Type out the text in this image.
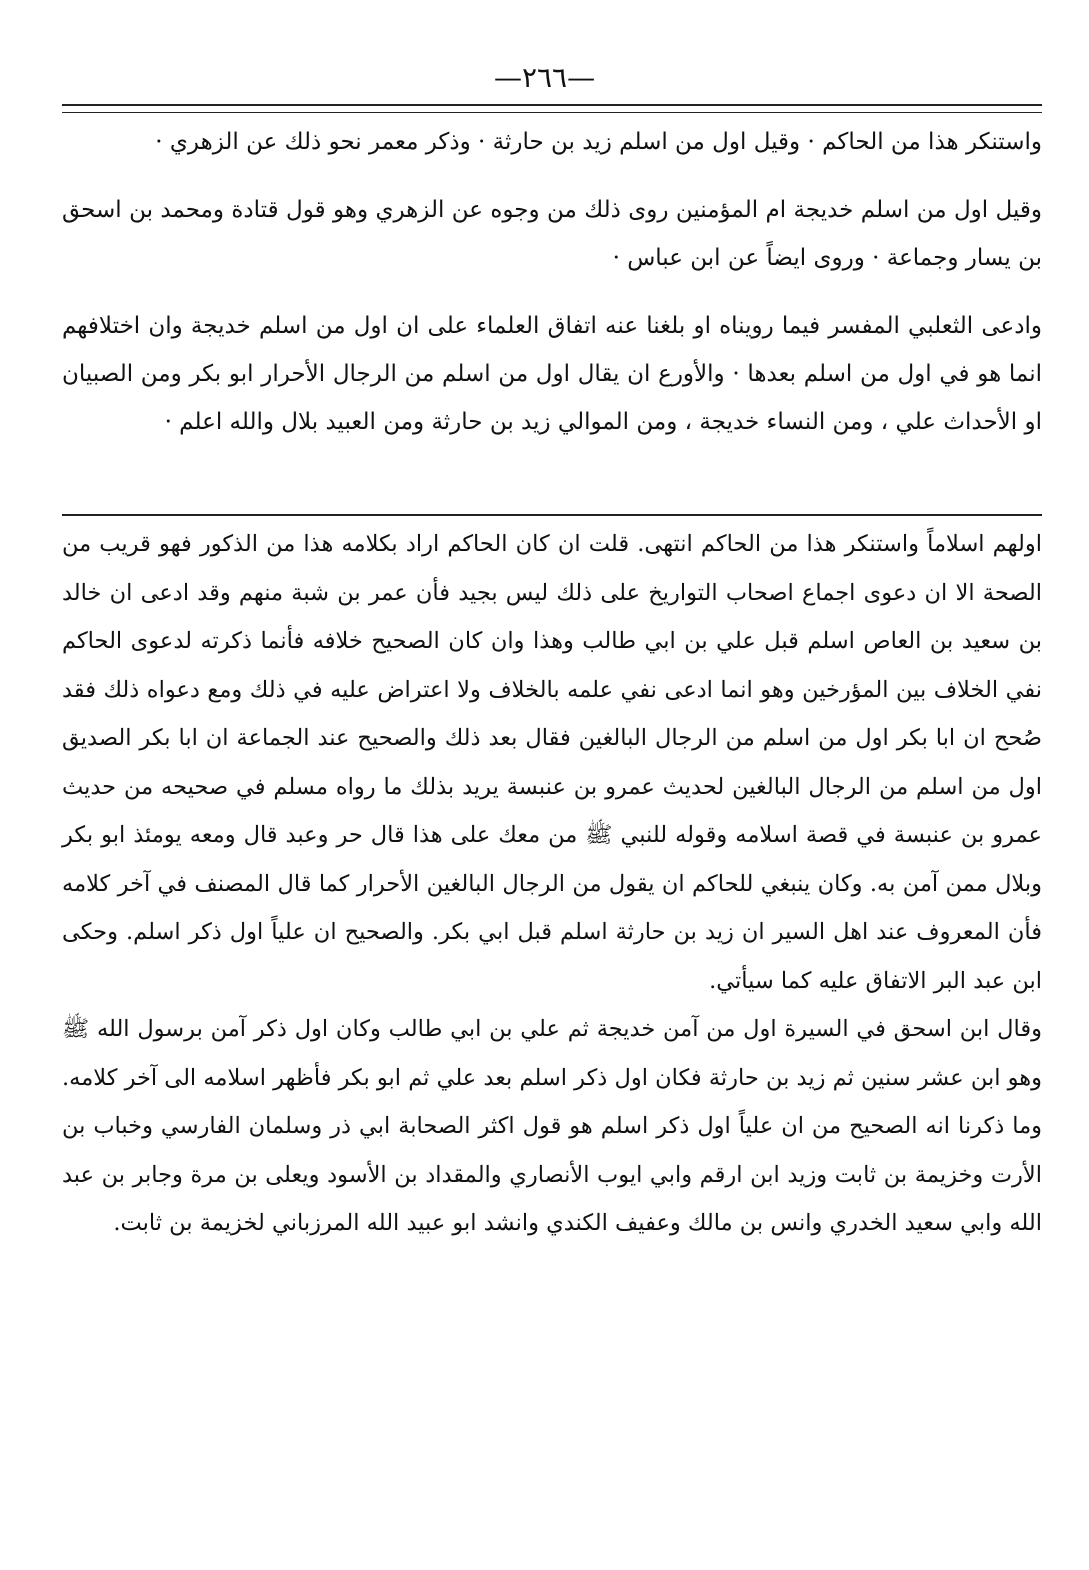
—٢٦٦—

واستنكر هذا من الحاكم · وقيل اول من اسلم زيد بن حارثة · وذكر معمر نحو ذلك عن الزهري ·

وقيل اول من اسلم خديجة ام المؤمنين روى ذلك من وجوه عن الزهري وهو قول قتادة ومحمد بن اسحق بن يسار وجماعة · وروى ايضاً عن ابن عباس ·

وادعى الثعلبي المفسر فيما رويناه او بلغنا عنه اتفاق العلماء على ان اول من اسلم خديجة وان اختلافهم انما هو في اول من اسلم بعدها · والأورع ان يقال اول من اسلم من الرجال الأحرار ابو بكر ومن الصبيان او الأحداث علي ، ومن النساء خديجة ، ومن الموالي زيد بن حارثة ومن العبيد بلال والله اعلم ·

اولهم اسلاماً واستنكر هذا من الحاكم انتهى. قلت ان كان الحاكم اراد بكلامه هذا من الذكور فهو قريب من الصحة الا ان دعوى اجماع اصحاب التواريخ على ذلك ليس بجيد فأن عمر بن شبة منهم وقد ادعى ان خالد بن سعيد بن العاص اسلم قبل علي بن ابي طالب وهذا وان كان الصحيح خلافه فأنما ذكرته لدعوى الحاكم نفي الخلاف بين المؤرخين وهو انما ادعى نفي علمه بالخلاف ولا اعتراض عليه في ذلك ومع دعواه ذلك فقد صُحح ان ابا بكر اول من اسلم من الرجال البالغين فقال بعد ذلك والصحيح عند الجماعة ان ابا بكر الصديق اول من اسلم من الرجال البالغين لحديث عمرو بن عنبسة يريد بذلك ما رواه مسلم في صحيحه من حديث عمرو بن عنبسة في قصة اسلامه وقوله للنبي ﷺ من معك على هذا قال حر وعبد قال ومعه يومئذ ابو بكر وبلال ممن آمن به. وكان ينبغي للحاكم ان يقول من الرجال البالغين الأحرار كما قال المصنف في آخر كلامه فأن المعروف عند اهل السير ان زيد بن حارثة اسلم قبل ابي بكر. والصحيح ان علياً اول ذكر اسلم. وحكى ابن عبد البر الاتفاق عليه كما سيأتي.

وقال ابن اسحق في السيرة اول من آمن خديجة ثم علي بن ابي طالب وكان اول ذكر آمن برسول الله ﷺ وهو ابن عشر سنين ثم زيد بن حارثة فكان اول ذكر اسلم بعد علي ثم ابو بكر فأظهر اسلامه الى آخر كلامه. وما ذكرنا انه الصحيح من ان علياً اول ذكر اسلم هو قول اكثر الصحابة ابي ذر وسلمان الفارسي وخباب بن الأرت وخزيمة بن ثابت وزيد ابن ارقم وابي ايوب الأنصاري والمقداد بن الأسود ويعلى بن مرة وجابر بن عبد الله وابي سعيد الخدري وانس بن مالك وعفيف الكندي وانشد ابو عبيد الله المرزباني لخزيمة بن ثابت.
